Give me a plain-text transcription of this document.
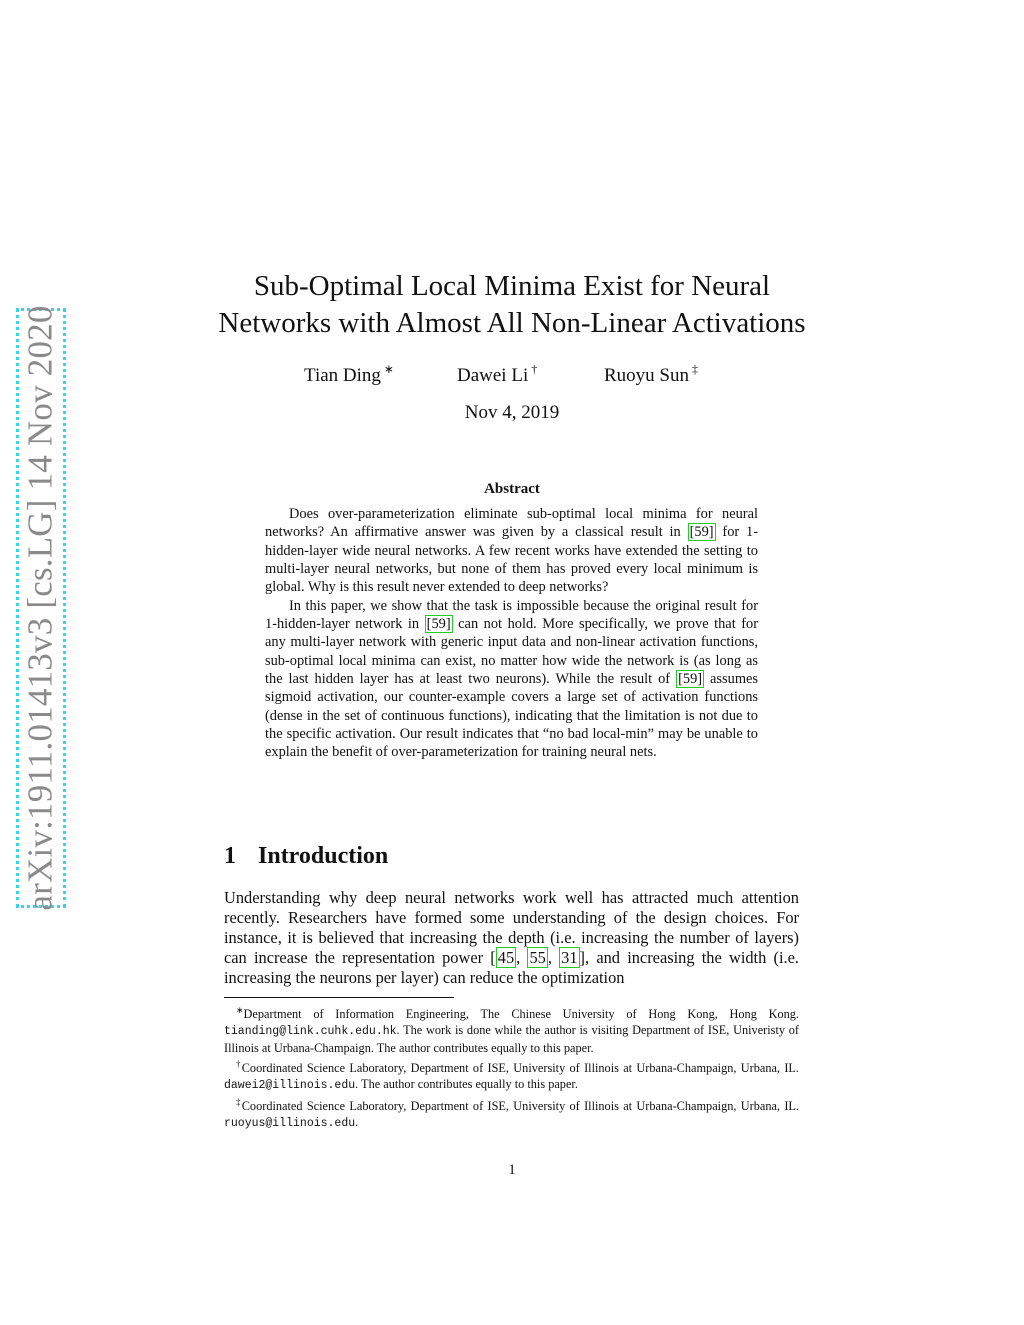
arXiv:1911.01413v3 [cs.LG] 14 Nov 2020
Sub-Optimal Local Minima Exist for Neural
Networks with Almost All Non-Linear Activations
Tian Ding ∗	Dawei Li †	Ruoyu Sun ‡
Nov 4, 2019
Abstract

Does over-parameterization eliminate sub-optimal local minima for neural networks? An affirmative answer was given by a classical result in [59] for 1-hidden-layer wide neural networks. A few recent works have extended the setting to multi-layer neural networks, but none of them has proved every local minimum is global. Why is this result never extended to deep networks?

In this paper, we show that the task is impossible because the original result for 1-hidden-layer network in [59] can not hold. More specifically, we prove that for any multi-layer network with generic input data and non-linear activation functions, sub-optimal local minima can exist, no matter how wide the network is (as long as the last hidden layer has at least two neurons). While the result of [59] assumes sigmoid activation, our counter-example covers a large set of activation functions (dense in the set of continuous functions), indicating that the limitation is not due to the specific activation. Our result indicates that “no bad local-min” may be unable to explain the benefit of over-parameterization for training neural nets.

1 Introduction

Understanding why deep neural networks work well has attracted much attention recently. Researchers have formed some understanding of the design choices. For instance, it is believed that increasing the depth (i.e. increasing the number of layers) can increase the representation power [ 45 , 55 , 31 ], and increasing the width (i.e. increasing the neurons per layer) can reduce the optimization

∗Department of Information Engineering, The Chinese University of Hong Kong, Hong Kong. tianding@link.cuhk.edu.hk. The work is done while the author is visiting Department of ISE, Univeristy of Illinois at Urbana-Champaign. The author contributes equally to this paper.

†Coordinated Science Laboratory, Department of ISE, University of Illinois at Urbana-Champaign, Urbana, IL. dawei2@illinois.edu. The author contributes equally to this paper.

‡Coordinated Science Laboratory, Department of ISE, University of Illinois at Urbana-Champaign, Urbana, IL. ruoyus@illinois.edu.

1
